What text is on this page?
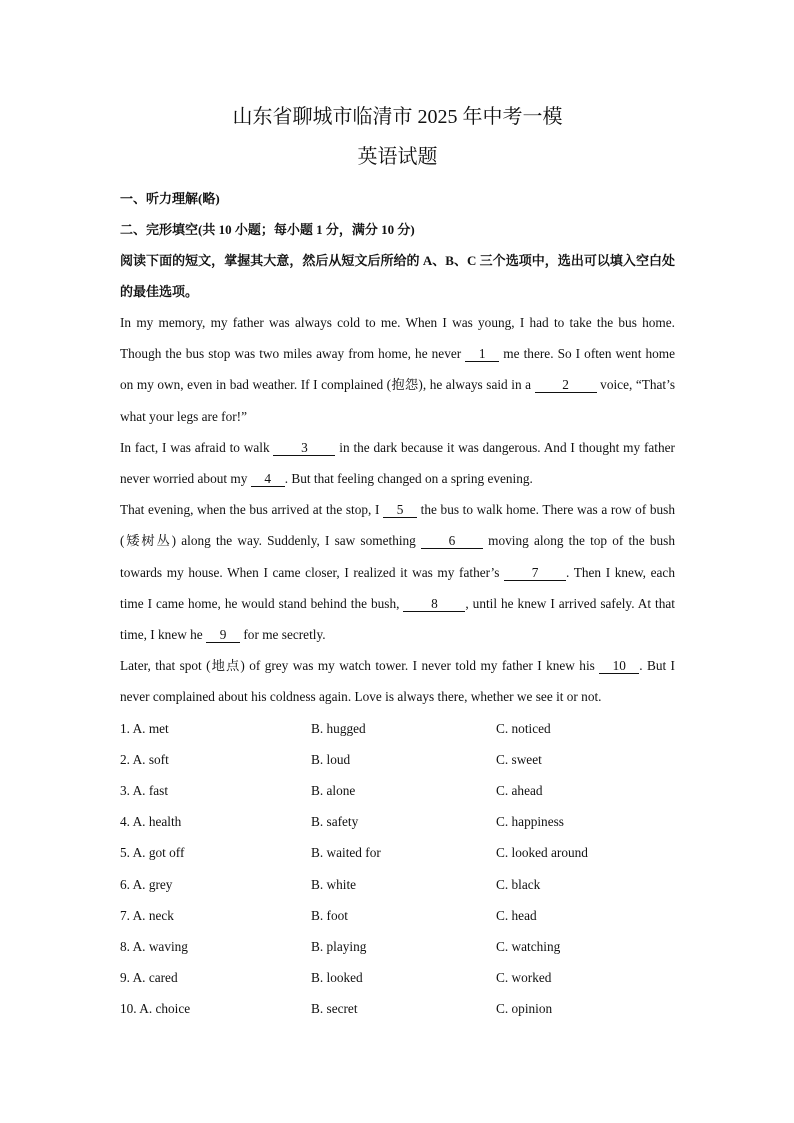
山东省聊城市临清市 2025 年中考一模
英语试题

一、听力理解(略)

二、完形填空(共 10 小题；每小题 1 分，满分 10 分)

阅读下面的短文，掌握其大意，然后从短文后所给的 A、B、C 三个选项中，选出可以填入空白处的最佳选项。

In my memory, my father was always cold to me. When I was young, I had to take the bus home. Though the bus stop was two miles away from home, he never 1 me there. So I often went home on my own, even in bad weather. If I complained (抱怨), he always said in a 2 voice, “That’s what your legs are for!”

In fact, I was afraid to walk 3 in the dark because it was dangerous. And I thought my father never worried about my 4 . But that feeling changed on a spring evening.

That evening, when the bus arrived at the stop, I 5 the bus to walk home. There was a row of bush (矮树丛) along the way. Suddenly, I saw something 6 moving along the top of the bush towards my house. When I came closer, I realized it was my father’s 7 . Then I knew, each time I came home, he would stand behind the bush, 8 , until he knew I arrived safely. At that time, I knew he 9 for me secretly.

Later, that spot (地点) of grey was my watch tower. I never told my father I knew his 10 . But I never complained about his coldness again. Love is always there, whether we see it or not.

1. A. met	B. hugged	C. noticed
2. A. soft	B. loud	C. sweet
3. A. fast	B. alone	C. ahead
4. A. health	B. safety	C. happiness
5. A. got off	B. waited for	C. looked around
6. A. grey	B. white	C. black
7. A. neck	B. foot	C. head
8. A. waving	B. playing	C. watching
9. A. cared	B. looked	C. worked
10. A. choice	B. secret	C. opinion
